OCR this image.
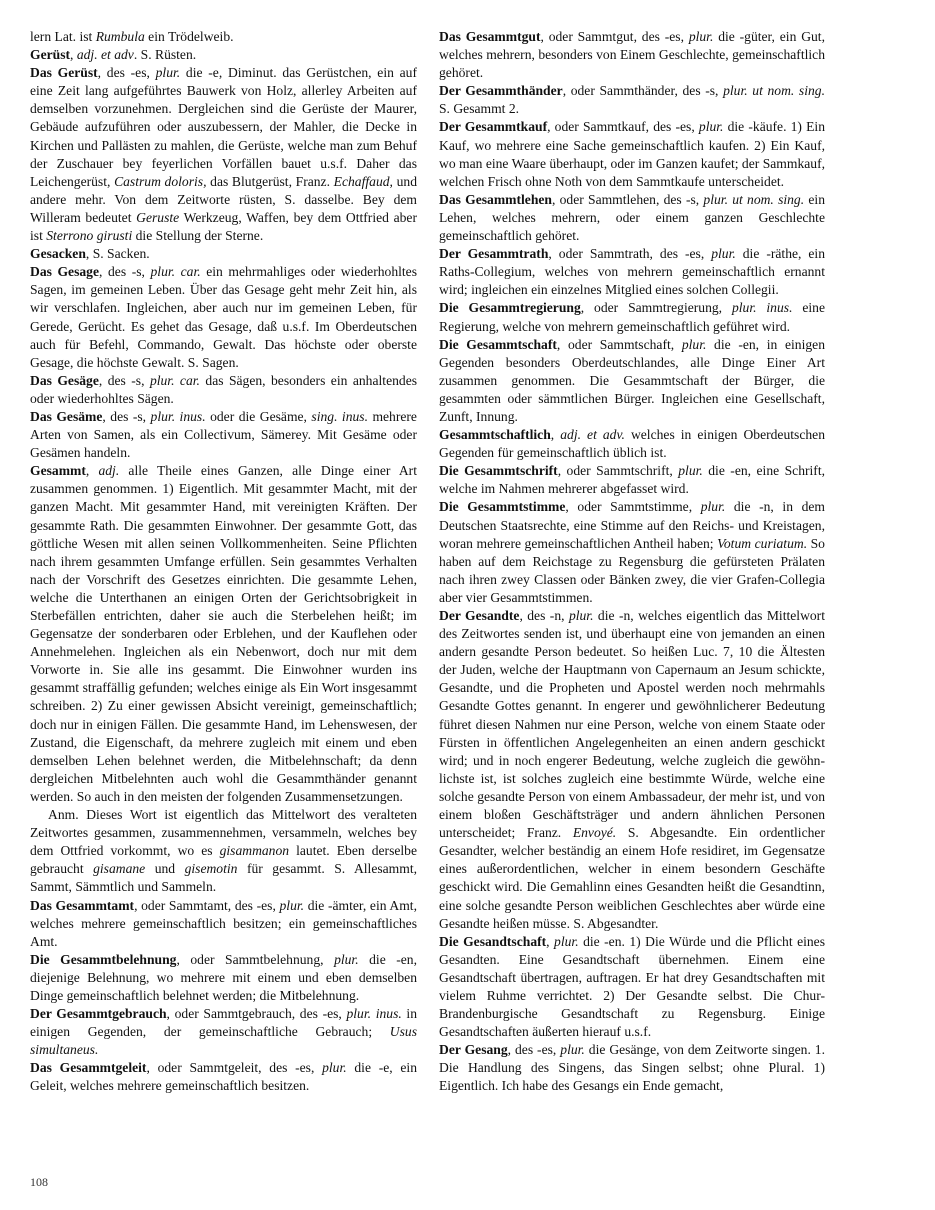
lern Lat. ist Rumbula ein Trödelweib.

Gerüst, adj. et adv. S. Rüsten.

Das Gerüst, des -es, plur. die -e, Diminut. das Gerüstchen, ein auf eine Zeit lang aufgeführtes Bauwerk von Holz, allerley Arbeiten auf demselben vorzunehmen. Dergleichen sind die Gerüste der Maurer, Gebäude aufzuführen oder auszubessern, der Mahler, die Decke in Kirchen und Pallästen zu mahlen, die Gerüste, welche man zum Behuf der Zuschauer bey feyerlichen Vorfällen bauet u.s.f. Daher das Leichengerüst, Castrum doloris, das Blutgerüst, Franz. Echaffaud, und andere mehr. Von dem Zeitworte rüsten, S. dasselbe. Bey dem Willeram bedeutet Geruste Werkzeug, Waffen, bey dem Ottfried aber ist Sterrono girusti die Stellung der Sterne.

Gesacken, S. Sacken.

Das Gesage, des -s, plur. car. ein mehrmahliges oder wiederhohltes Sagen, im gemeinen Leben. Über das Gesage geht mehr Zeit hin, als wir verschlafen. Ingleichen, aber auch nur im gemeinen Leben, für Gerede, Gerücht. Es gehet das Gesage, daß u.s.f. Im Oberdeutschen auch für Befehl, Commando, Gewalt. Das höchste oder oberste Gesage, die höchste Gewalt. S. Sagen.

Das Gesäge, des -s, plur. car. das Sägen, besonders ein anhaltendes oder wiederhohltes Sägen.

Das Gesäme, des -s, plur. inus. oder die Gesäme, sing. inus. mehrere Arten von Samen, als ein Collectivum, Sämerey. Mit Gesäme oder Gesämen handeln.

Gesammt, adj. alle Theile eines Ganzen, alle Dinge einer Art zusammen genommen. 1) Eigentlich. Mit gesammter Macht, mit der ganzen Macht. Mit gesammter Hand, mit vereinigten Kräften. Der gesammte Rath. Die gesammten Einwohner. Der gesammte Gott, das göttliche Wesen mit allen seinen Vollkommenheiten. Seine Pflichten nach ihrem gesammten Umfange erfüllen. Sein gesammtes Verhalten nach der Vorschrift des Gesetzes einrichten. Die gesammte Lehen, welche die Unterthanen an einigen Orten der Gerichtsobrigkeit in Sterbefällen entrichten, daher sie auch die Sterbelehen heißt; im Gegensatze der sonderbaren oder Erblehen, und der Kauflehen oder Annehmelehen. Ingleichen als ein Nebenwort, doch nur mit dem Vorworte in. Sie alle ins gesammt. Die Einwohner wurden ins gesammt straffällig gefunden; welches einige als Ein Wort insgesammt schreiben. 2) Zu einer gewissen Absicht vereinigt, gemeinschaftlich; doch nur in einigen Fällen. Die gesammte Hand, im Lehenswesen, der Zustand, die Eigenschaft, da mehrere zugleich mit einem und eben demselben Lehen belehnet werden, die Mitbelehnschaft; da denn dergleichen Mitbelehnten auch wohl die Gesammthänder genannt werden. So auch in den meisten der folgenden Zusammensetzungen.

Anm. Dieses Wort ist eigentlich das Mittelwort des veralteten Zeitwortes gesammen, zusammennehmen, versammeln, welches bey dem Ottfried vorkommt, wo es gisammanon lautet. Eben derselbe gebraucht gisamane und gisemotin für gesammt. S. Allesammt, Sammt, Sämmtlich und Sammeln.

Das Gesammtamt, oder Sammtamt, des -es, plur. die -ämter, ein Amt, welches mehrere gemeinschaftlich besitzen; ein gemeinschaftliches Amt.

Die Gesammtbelehnung, oder Sammtbelehnung, plur. die -en, diejenige Belehnung, wo mehrere mit einem und eben demselben Dinge gemeinschaftlich belehnet werden; die Mitbelehnung.

Der Gesammtgebrauch, oder Sammtgebrauch, des -es, plur. inus. in einigen Gegenden, der gemeinschaftliche Gebrauch; Usus simultaneus.

Das Gesammtgeleit, oder Sammtgeleit, des -es, plur. die -e, ein Geleit, welches mehrere gemeinschaftlich besitzen.

Das Gesammtgut, oder Sammtgut, des -es, plur. die -güter, ein Gut, welches mehrern, besonders von Einem Geschlechte, gemeinschaftlich gehöret.

Der Gesammthänder, oder Sammthänder, des -s, plur. ut nom. sing. S. Gesammt 2.

Der Gesammtkauf, oder Sammtkauf, des -es, plur. die -käufe. 1) Ein Kauf, wo mehrere eine Sache gemeinschaftlich kaufen. 2) Ein Kauf, wo man eine Waare überhaupt, oder im Ganzen kaufet; der Sammkauf, welchen Frisch ohne Noth von dem Sammtkaufe unterscheidet.

Das Gesammtlehen, oder Sammtlehen, des -s, plur. ut nom. sing. ein Lehen, welches mehrern, oder einem ganzen Geschlechte gemeinschaftlich gehöret.

Der Gesammtrath, oder Sammtrath, des -es, plur. die -räthe, ein Raths-Collegium, welches von mehrern gemeinschaftlich ernannt wird; ingleichen ein einzelnes Mitglied eines solchen Collegii.

Die Gesammtregierung, oder Sammtregierung, plur. inus. eine Regierung, welche von mehrern gemeinschaftlich geführet wird.

Die Gesammtschaft, oder Sammtschaft, plur. die -en, in einigen Gegenden besonders Oberdeutschlandes, alle Dinge Einer Art zusammen genommen. Die Gesammtschaft der Bürger, die gesammten oder sämmtlichen Bürger. Ingleichen eine Gesellschaft, Zunft, Innung.

Gesammtschaftlich, adj. et adv. welches in einigen Oberdeutschen Gegenden für gemeinschaftlich üblich ist.

Die Gesammtschrift, oder Sammtschrift, plur. die -en, eine Schrift, welche im Nahmen mehrerer abgefasset wird.

Die Gesammtstimme, oder Sammtstimme, plur. die -n, in dem Deutschen Staatsrechte, eine Stimme auf den Reichs- und Kreistagen, woran mehrere gemeinschaftlichen Antheil haben; Votum curiatum. So haben auf dem Reichstage zu Regensburg die gefürsteten Prälaten nach ihren zwey Classen oder Bänken zwey, die vier Grafen-Collegia aber vier Gesammtstimmen.

Der Gesandte, des -n, plur. die -n, welches eigentlich das Mittelwort des Zeitwortes senden ist, und überhaupt eine von jemanden an einen andern gesandte Person bedeutet. So heißen Luc. 7, 10 die Ältesten der Juden, welche der Hauptmann von Capernaum an Jesum schickte, Gesandte, und die Propheten und Apostel werden noch mehrmahls Gesandte Gottes genannt. In engerer und gewöhnlicherer Bedeutung führet diesen Nahmen nur eine Person, welche von einem Staate oder Fürsten in öffentlichen Angelegenheiten an einen andern geschickt wird; und in noch engerer Bedeutung, welche zugleich die gewöhnlichste ist, ist solches zugleich eine bestimmte Würde, welche eine solche gesandte Person von einem Ambassadeur, der mehr ist, und von einem bloßen Geschäftsträger und andern ähnlichen Personen unterscheidet; Franz. Envoyé. S. Abgesandte. Ein ordentlicher Gesandter, welcher beständig an einem Hofe residiret, im Gegensatze eines außerordentlichen, welcher in einem besondern Geschäfte geschickt wird. Die Gemahlinn eines Gesandten heißt die Gesandtinn, eine solche gesandte Person weiblichen Geschlechtes aber würde eine Gesandte heißen müsse. S. Abgesandter.

Die Gesandtschaft, plur. die -en. 1) Die Würde und die Pflicht eines Gesandten. Eine Gesandtschaft übernehmen. Einem eine Gesandtschaft übertragen, auftragen. Er hat drey Gesandtschaften mit vielem Ruhme verrichtet. 2) Der Gesandte selbst. Die Chur-Brandenburgische Gesandtschaft zu Regensburg. Einige Gesandtschaften äußerten hierauf u.s.f.

Der Gesang, des -es, plur. die Gesänge, von dem Zeitworte singen. 1. Die Handlung des Singens, das Singen selbst; ohne Plural. 1) Eigentlich. Ich habe des Gesangs ein Ende gemacht,

108
